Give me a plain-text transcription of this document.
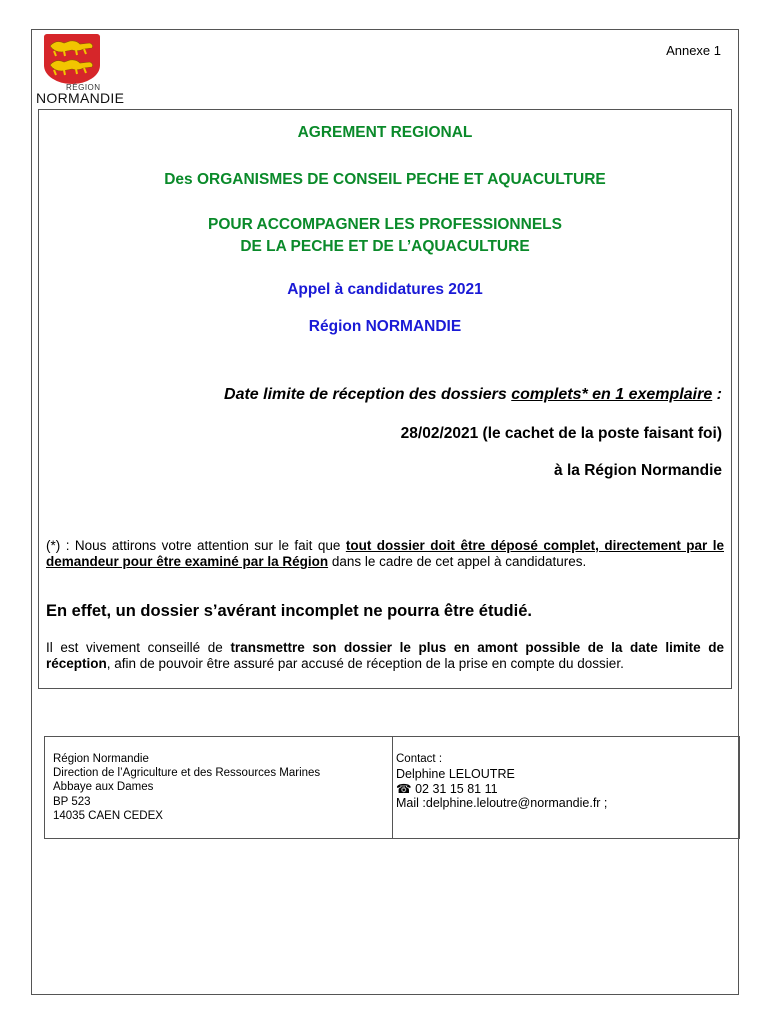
RÉGION
NORMANDIE
Annexe 1
AGREMENT REGIONAL
Des ORGANISMES DE CONSEIL PECHE ET AQUACULTURE
POUR ACCOMPAGNER LES PROFESSIONNELS
DE LA PECHE ET DE L’AQUACULTURE
Appel à candidatures 2021
Région NORMANDIE
Date limite de réception des dossiers complets* en 1 exemplaire :
28/02/2021 (le cachet de la poste faisant foi)
à la Région Normandie
(*) : Nous attirons votre attention sur le fait que tout dossier doit être déposé complet, directement par le demandeur pour être examiné par la Région dans le cadre de cet appel à candidatures.
En effet, un dossier s’avérant incomplet ne pourra être étudié.
Il est vivement conseillé de transmettre son dossier le plus en amont possible de la date limite de réception, afin de pouvoir être assuré par accusé de réception de la prise en compte du dossier.
Région Normandie
Direction de l’Agriculture et des Ressources Marines
Abbaye aux Dames
BP 523
14035 CAEN CEDEX
Contact :
Delphine LELOUTRE
☎ 02 31 15 81 11
Mail :delphine.leloutre@normandie.fr ;
